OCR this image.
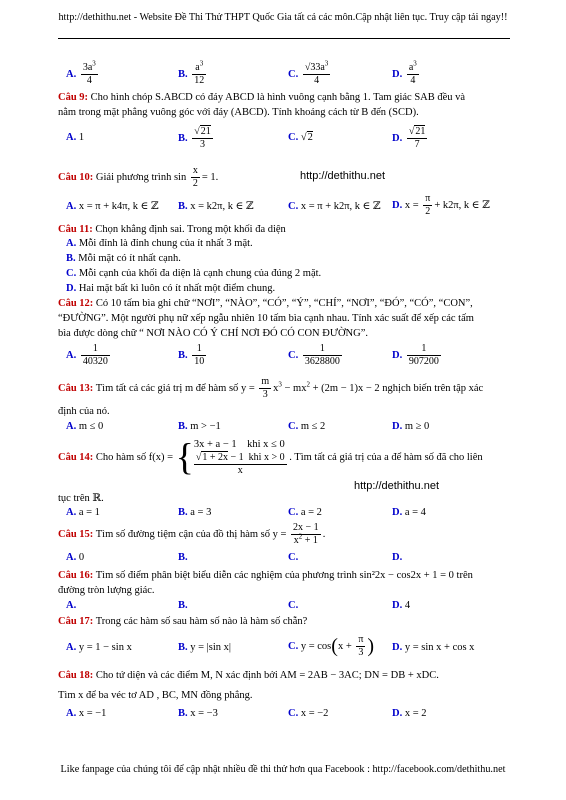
http://dethithu.net - Website Đề Thi Thử THPT Quốc Gia tất cả các môn.Cập nhật liên tục. Truy cập tải ngay!!
A. $\frac{3a^3}{4}$	B. $\frac{a^3}{12}$	C. $\frac{√33a^3}{4}$	D. $\frac{a^3}{4}$
Câu 9: Cho hình chóp S.ABCD có đáy ABCD là hình vuông cạnh bằng 1. Tam giác SAB đều và
nằm trong mặt phẳng vuông góc với đáy (ABCD). Tính khoảng cách từ B đến (SCD).
A. 1	B. $\frac{√21}{3}$	C. √2	D. $\frac{√21}{7}$
Câu 10: Giải phương trình $\sin \frac{x}{2} = 1$.	http://dethithu.net
A. x = π + k4π, k ∈ ℤ B. x = k2π, k ∈ ℤ	C. x = π + k2π, k ∈ ℤ D. $x = \frac{\pi}{2} + k2\pi$, k ∈ ℤ
Câu 11: Chọn khẳng định sai. Trong một khối đa diện
A. Mỗi đỉnh là đỉnh chung của ít nhất 3 mặt.
B. Mỗi mặt có ít nhất cạnh.
C. Mỗi cạnh của khối đa diện là cạnh chung của đúng 2 mặt.
D. Hai mặt bất kì luôn có ít nhất một điểm chung.
Câu 12: Có 10 tấm bìa ghi chữ “NƠI”, “NÀO”, “CÓ”, “Ý”, “CHÍ”, “NƠI”, “ĐÓ”, “CÓ”, “CON”,
“ĐƯỜNG”. Một người phụ nữ xếp ngẫu nhiên 10 tấm bìa cạnh nhau. Tính xác suất để xếp các tấm
bìa được dòng chữ “ NƠI NÀO CÓ Ý CHÍ NƠI ĐÓ CÓ CON ĐƯỜNG”.
A. $\frac{1}{40320}$	B. $\frac{1}{10}$	C. $\frac{1}{3628800}$	D. $\frac{1}{907200}$
Câu 13: Tìm tất cả các giá trị m để hàm số $y = \frac{m}{3} x^3 - mx^2 + (2m - 1)x - 2$ nghịch biến trên tập xác
định của nó.
A. m ≤ 0	B. m > −1	C. m ≤ 2	D. m ≥ 0
Câu 14: Cho hàm số f(x) = {3x + a − 1    khi x ≤ 0

$\frac{\text{√1 + 2x − 1  khi x > 0}}{x}$ . Tìm tất cả giá trị của a để hàm số đã cho liên
http://dethithu.net
tục trên ℝ.
A. a = 1	B. a = 3	C. a = 2	D. a = 4
Câu 15: Tìm số đường tiệm cận của đồ thị hàm số $y = \frac{2x - 1}{x^2 + 1}$ .
A. 0	B.	C.	D.
Câu 16: Tìm số điểm phân biệt biểu diễn các nghiệm của phương trình sin²2x − cos2x + 1 = 0 trên
đường tròn lượng giác.
A.	B.	C.	D. 4
Câu 17: Trong các hàm số sau hàm số nào là hàm số chẵn?
A. y = 1 − sin x	B. y = |sin x|	C. $y = \cos(x + \frac{\pi}{3}$ ) D. y = sin x + cos x
Câu 18: Cho tứ diện và các điểm M, N xác định bởi AM = 2AB − 3AC; DN = DB + xDC.
Tìm x để ba véc tơ AD , BC, MN đồng phẳng.
A. x = −1	B. x = −3	C. x = −2	D. x = 2
Like fanpage của chúng tôi để cập nhật nhiều đề thi thử hơn qua Facebook : http://facebook.com/dethithu.net
